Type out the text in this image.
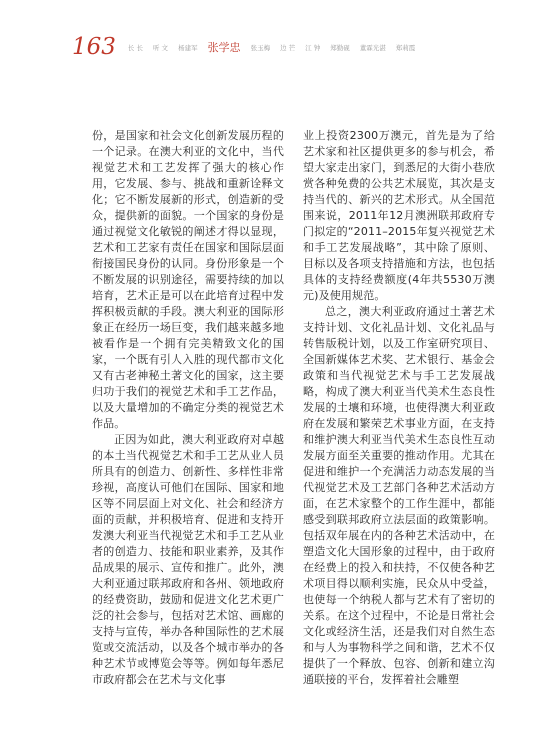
163 长 长 听 文 杨建军 张学忠 张玉梅 边 芒 江 钟 郑勤砚 董霖光湛 郑莉霞

份，是国家和社会文化创新发展历程的一个记录。在澳大利亚的文化中，当代视觉艺术和工艺发挥了强大的核心作用，它发展、参与、挑战和重新诠释文化；它不断发展新的形式，创造新的受众，提供新的面貌。一个国家的身份是通过视觉文化敏锐的阐述才得以显现，艺术和工艺家有责任在国家和国际层面衔接国民身份的认同。身份形象是一个不断发展的识别途径，需要持续的加以培育，艺术正是可以在此培育过程中发挥积极贡献的手段。澳大利亚的国际形象正在经历一场巨变，我们越来越多地被看作是一个拥有完美精致文化的国家，一个既有引人入胜的现代都市文化又有古老神秘土著文化的国家，这主要归功于我们的视觉艺术和手工艺作品，以及大量增加的不确定分类的视觉艺术作品。

正因为如此，澳大利亚政府对卓越的本土当代视觉艺术和手工艺从业人员所具有的创造力、创新性、多样性非常珍视，高度认可他们在国际、国家和地区等不同层面上对文化、社会和经济方面的贡献，并积极培育、促进和支持开发澳大利亚当代视觉艺术和手工艺从业者的创造力、技能和职业素养，及其作品成果的展示、宣传和推广。此外，澳大利亚通过联邦政府和各州、领地政府的经费资助，鼓励和促进文化艺术更广泛的社会参与，包括对艺术馆、画廊的支持与宣传，举办各种国际性的艺术展览或交流活动，以及各个城市举办的各种艺术节或博览会等等。例如每年悉尼市政府都会在艺术与文化事

业上投资2300万澳元，首先是为了给艺术家和社区提供更多的参与机会，希望大家走出家门，到悉尼的大街小巷欣赏各种免费的公共艺术展览，其次是支持当代的、新兴的艺术形式。从全国范围来说，2011年12月澳洲联邦政府专门拟定的“2011–2015年复兴视觉艺术和手工艺发展战略”，其中除了原则、目标以及各项支持措施和方法，也包括具体的支持经费额度(4年共5530万澳元)及使用规范。

总之，澳大利亚政府通过土著艺术支持计划、文化礼品计划、文化礼品与转售版税计划，以及工作室研究项目、全国新媒体艺术奖、艺术银行、基金会政策和当代视觉艺术与手工艺发展战略，构成了澳大利亚当代美术生态良性发展的土壤和环境，也使得澳大利亚政府在发展和繁荣艺术事业方面，在支持和维护澳大利亚当代美术生态良性互动发展方面至关重要的推动作用。尤其在促进和维护一个充满活力动态发展的当代视觉艺术及工艺部门各种艺术活动方面，在艺术家整个的工作生涯中，都能感受到联邦政府立法层面的政策影响。包括双年展在内的各种艺术活动中，在塑造文化大国形象的过程中，由于政府在经费上的投入和扶持，不仅使各种艺术项目得以顺利实施，民众从中受益，也使每一个纳税人都与艺术有了密切的关系。在这个过程中，不论是日常社会文化或经济生活，还是我们对自然生态和与人为事物科学之间和谐，艺术不仅提供了一个释放、包容、创新和建立沟通联接的平台，发挥着社会雕塑
